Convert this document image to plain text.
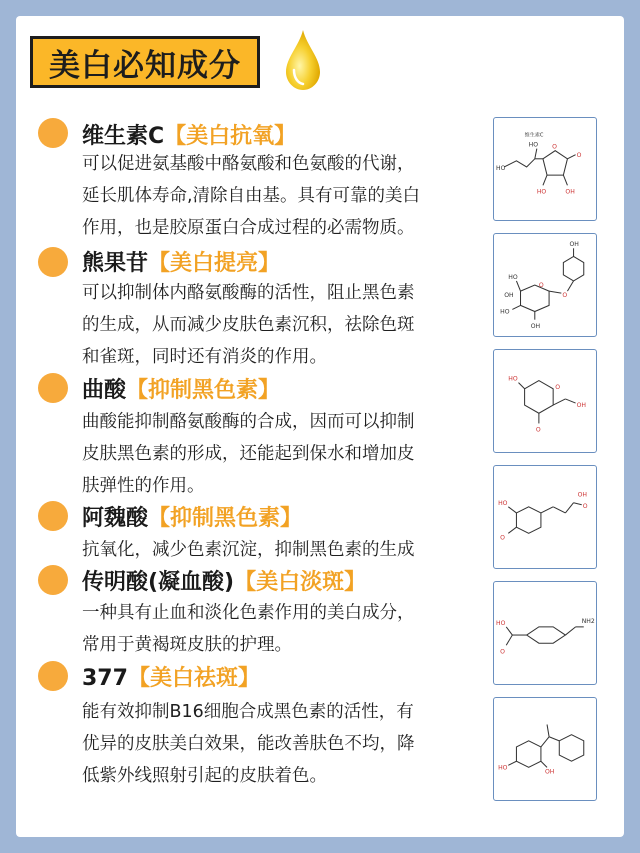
美白必知成分
维生素C【美白抗氧】
可以促进氨基酸中酪氨酸和色氨酸的代谢，
延长肌体寿命,清除自由基。具有可靠的美白
作用，也是胶原蛋白合成过程的必需物质。
熊果苷【美白提亮】
可以抑制体内酪氨酸酶的活性，阻止黑色素
的生成，从而减少皮肤色素沉积，祛除色斑
和雀斑，同时还有消炎的作用。
曲酸【抑制黑色素】
曲酸能抑制酪氨酸酶的合成，因而可以抑制
皮肤黑色素的形成，还能起到保水和增加皮
肤弹性的作用。
阿魏酸【抑制黑色素】
抗氧化，减少色素沉淀，抑制黑色素的生成
传明酸(凝血酸)【美白淡斑】
一种具有止血和淡化色素作用的美白成分，
常用于黄褐斑皮肤的护理。
377【美白祛斑】
能有效抑制B16细胞合成黑色素的活性，有
优异的皮肤美白效果，能改善肤色不均，降
低紫外线照射引起的皮肤着色。
维生素C
HO
HO O
O
HO	OH
OH
HO
HO
OH
O
O
OH
HO
O
O
OH
HO
O
OH
O
HO
O
NH2
HO
OH
